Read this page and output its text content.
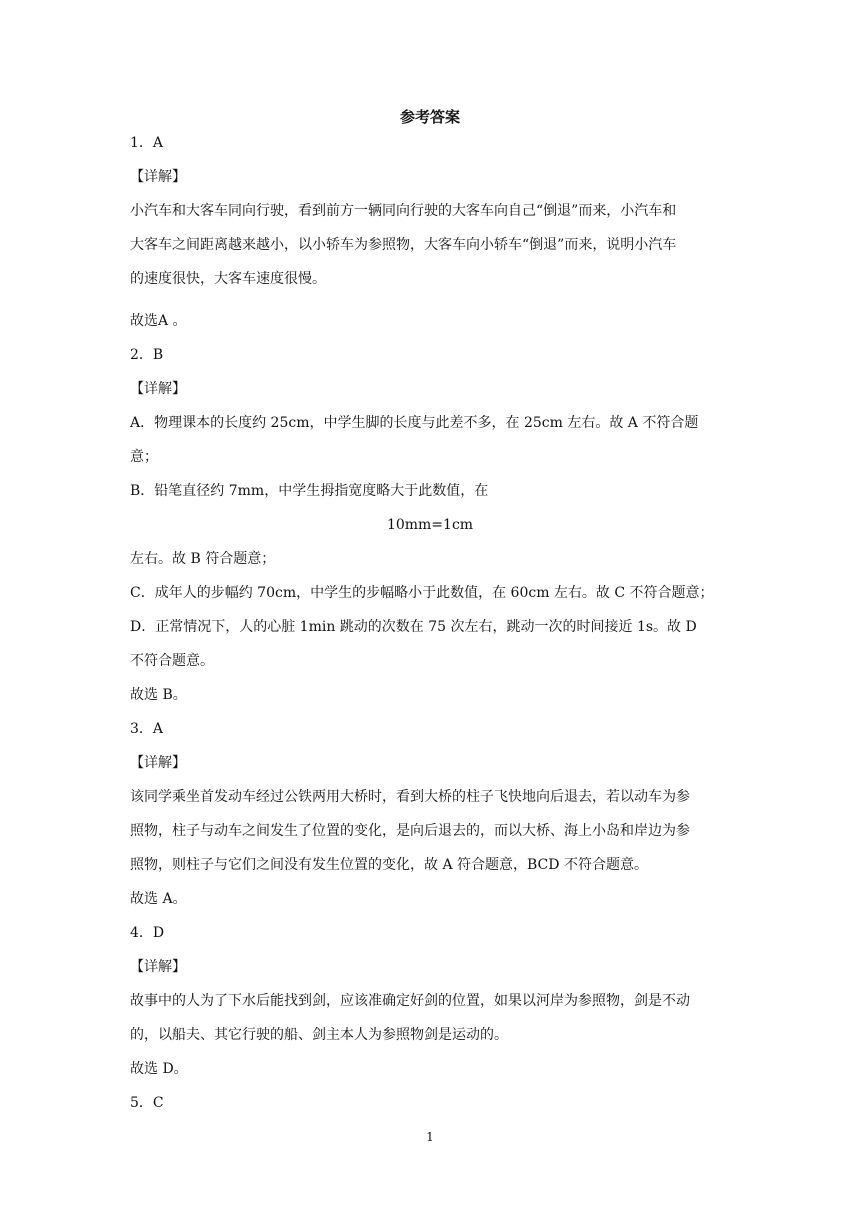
参考答案
1．A
【详解】
小汽车和大客车同向行驶，看到前方一辆同向行驶的大客车向自己“倒退”而来，小汽车和
大客车之间距离越来越小，以小轿车为参照物，大客车向小轿车“倒退”而来，说明小汽车
的速度很快，大客车速度很慢。
故选A 。
2．B
【详解】
A．物理课本的长度约 25cm，中学生脚的长度与此差不多，在 25cm 左右。故 A 不符合题
意；
B．铅笔直径约 7mm，中学生拇指宽度略大于此数值，在
10mm=1cm
左右。故 B 符合题意；
C．成年人的步幅约 70cm，中学生的步幅略小于此数值，在 60cm 左右。故 C 不符合题意；
D．正常情况下，人的心脏 1min 跳动的次数在 75 次左右，跳动一次的时间接近 1s。故 D
不符合题意。
故选 B。
3．A
【详解】
该同学乘坐首发动车经过公铁两用大桥时，看到大桥的柱子飞快地向后退去，若以动车为参
照物，柱子与动车之间发生了位置的变化，是向后退去的，而以大桥、海上小岛和岸边为参
照物，则柱子与它们之间没有发生位置的变化，故 A 符合题意，BCD 不符合题意。
故选 A。
4．D
【详解】
故事中的人为了下水后能找到剑，应该准确定好剑的位置，如果以河岸为参照物，剑是不动
的，以船夫、其它行驶的船、剑主本人为参照物剑是运动的。
故选 D。
5．C
1
